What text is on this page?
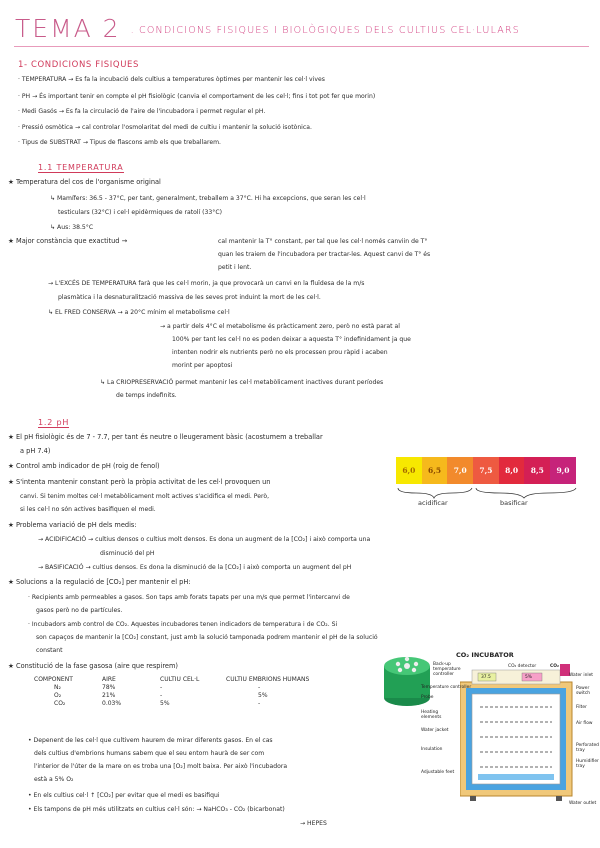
TEMA 2 $^{. CONDICIONS FISIQUES I BIOLÒGIQUES DELS CULTIUS CEL\cdot LULARS}$
1- CONDICIONS FISIQUES
· TEMPERATURA → Es fa la incubació dels cultius a temperatures òptimes per mantenir les cel·l vives
· PH → És important tenir en compte el pH fisiològic (canvia el comportament de les cel·l; fins i tot pot fer que morin)
· Medi Gasós → Es fa la circulació de l'aire de l'incubadora i permet regular el pH.
· Pressió osmòtica → cal controlar l'osmolaritat del medi de cultiu i mantenir la solució isotònica.
· Tipus de SUBSTRAT → Tipus de flascons amb els que treballarem.
1.1 TEMPERATURA
★ Temperatura del cos de l'organisme original
↳ Mamífers: 36.5 - 37°C, per tant, generalment, treballem a 37°C. Hi ha excepcions, que seran les cel·l
testiculars (32°C) i cel·l epidèrmiques de ratolí (33°C)
↳ Aus: 38.5°C
★ Major constància que exactitud →	cal mantenir la T° constant, per tal que les cel·l només canviin de T°
quan les traiem de l'incubadora per tractar-les. Aquest canvi de T° és
petit i lent.
→ L'EXCÉS DE TEMPERATURA farà que les cel·l morin, ja que provocarà un canvi en la fluïdesa de la m/s
plasmàtica i la desnaturalització massiva de les seves prot induint la mort de les cel·l.
↳ EL FRED CONSERVA → a 20°C mínim el metabolisme cel·l
→ a partir dels 4°C el metabolisme és pràcticament zero, però no està parat al
100% per tant les cel·l no es poden deixar a aquesta T° indefinidament ja que
intenten nodrir els nutrients però no els processen prou ràpid i acaben
morint per apoptosi
↳ La CRIOPRESERVACIÓ permet mantenir les cel·l metabòlicament inactives durant períodes
de temps indefinits.
1.2 pH
★ El pH fisiològic és de 7 - 7.7, per tant és neutre o lleugerament bàsic (acostumem a treballar
a pH 7.4)
★ Control amb indicador de pH (roig de fenol)
★ S'intenta mantenir constant però la pròpia activitat de les cel·l provoquen un
canvi. Si tenim moltes cel·l metabòlicament molt actives s'acidifica el medi. Però,
si les cel·l no són actives basifiquen el medi.
★ Problema variació de pH dels medis:
→ ACIDIFICACIÓ → cultius densos o cultius molt densos. Es dona un augment de la [CO₂] i això comporta una
disminució del pH
→ BASIFICACIÓ → cultius densos. Es dona la disminució de la [CO₂] i això comporta un augment del pH
★ Solucions a la regulació de [CO₂] per mantenir el pH:
· Recipients amb permeables a gasos. Son taps amb forats tapats per una m/s que permet l'intercanvi de
gasos però no de partícules.
· Incubadors amb control de CO₂. Aquestes incubadores tenen indicadors de temperatura i de CO₂. Si
son capaços de mantenir la [CO₂] constant, just amb la solució tamponada podrem mantenir el pH de la solució
constant
★ Constitució de la fase gasosa (aire que respirem)
6,0	6,5	7,0	7,5	8,0	8,5	9,0
acidificar	basificar
COMPONENT	AIRE	CULTIU CEL·L	CULTIU EMBRIONS HUMANS
N₂	78%	-	-
O₂	21%	-	5%
CO₂	0.03%	5%	-
• Depenent de les cel·l que cultivem haurem de mirar diferents gasos. En el cas
dels cultius d'embrions humans sabem que el seu entorn haurà de ser com
l'interior de l'úter de la mare on es troba una [O₂] molt baixa. Per això l'incubadora
està a 5% O₂
• En els cultius cel·l ↑ [CO₂] per evitar que el medi es basifiqui
• Els tampons de pH més utilitzats en cultius cel·l són: → NaHCO₃ - CO₂ (bicarbonat)
→ HEPES
CO₂ INCUBATOR
37.5	5%
Back-up temperature controller
Temperature controller
Probe
Heating elements
Water jacket
Insulation
Adjustable feet
CO₂ detector	CO₂
Water inlet
Power switch
Filter
Air flow
Perforated tray
Humidifier tray
Water outlet
